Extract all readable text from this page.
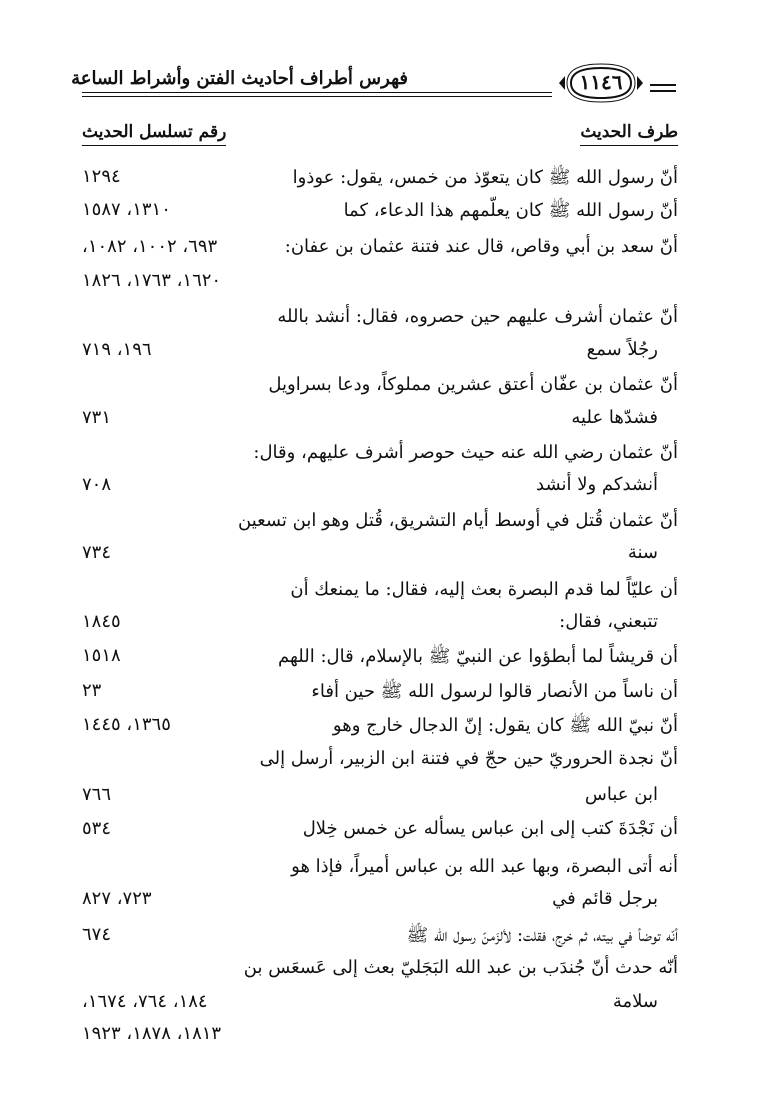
فهرس أطراف أحاديث الفتن وأشراط الساعة	١١٤٦
طرف الحديث
رقم تسلسل الحديث
أنّ رسول الله ﷺ كان يتعوّذ من خمس، يقول: عوذوا
١٢٩٤
أنّ رسول الله ﷺ كان يعلّمهم هذا الدعاء، كما
١٣١٠، ١٥٨٧
أنّ سعد بن أبي وقاص، قال عند فتنة عثمان بن عفان:
٦٩٣، ١٠٠٢، ١٠٨٢،
١٦٢٠، ١٧٦٣، ١٨٢٦
أنّ عثمان أشرف عليهم حين حصروه، فقال: أنشد بالله
رجُلاً سمع
١٩٦، ٧١٩
أنّ عثمان بن عفّان أعتق عشرين مملوكاً، ودعا بسراويل
فشدّها عليه
٧٣١
أنّ عثمان رضي الله عنه حيث حوصر أشرف عليهم، وقال:
أنشدكم ولا أنشد
٧٠٨
أنّ عثمان قُتل في أوسط أيام التشريق، قُتل وهو ابن تسعين
سنة
٧٣٤
أن عليّاً لما قدم البصرة بعث إليه، فقال: ما يمنعك أن
تتبعني، فقال:
١٨٤٥
أن قريشاً لما أبطؤوا عن النبيّ ﷺ بالإسلام، قال: اللهم
١٥١٨
أن ناساً من الأنصار قالوا لرسول الله ﷺ حين أفاء
٢٣
أنّ نبيّ الله ﷺ كان يقول: إنّ الدجال خارج وهو
١٣٦٥، ١٤٤٥
أنّ نجدة الحروريّ حين حجّ في فتنة ابن الزبير، أرسل إلى
ابن عباس
٧٦٦
أن نَجْدَةَ كتب إلى ابن عباس يسأله عن خمس خِلال
٥٣٤
أنه أتى البصرة، وبها عبد الله بن عباس أميراً، فإذا هو
برجل قائم في
٧٢٣، ٨٢٧
أنّه توضأ في بيته، ثم خرج، فقلت: لألزَمنّ رسول الله ﷺ
٦٧٤
أنّه حدث أنّ جُندَب بن عبد الله البَجَليّ بعث إلى عَسعَس بن
سلامة
١٨٤، ٧٦٤، ١٦٧٤،
١٨١٣، ١٨٧٨، ١٩٢٣
